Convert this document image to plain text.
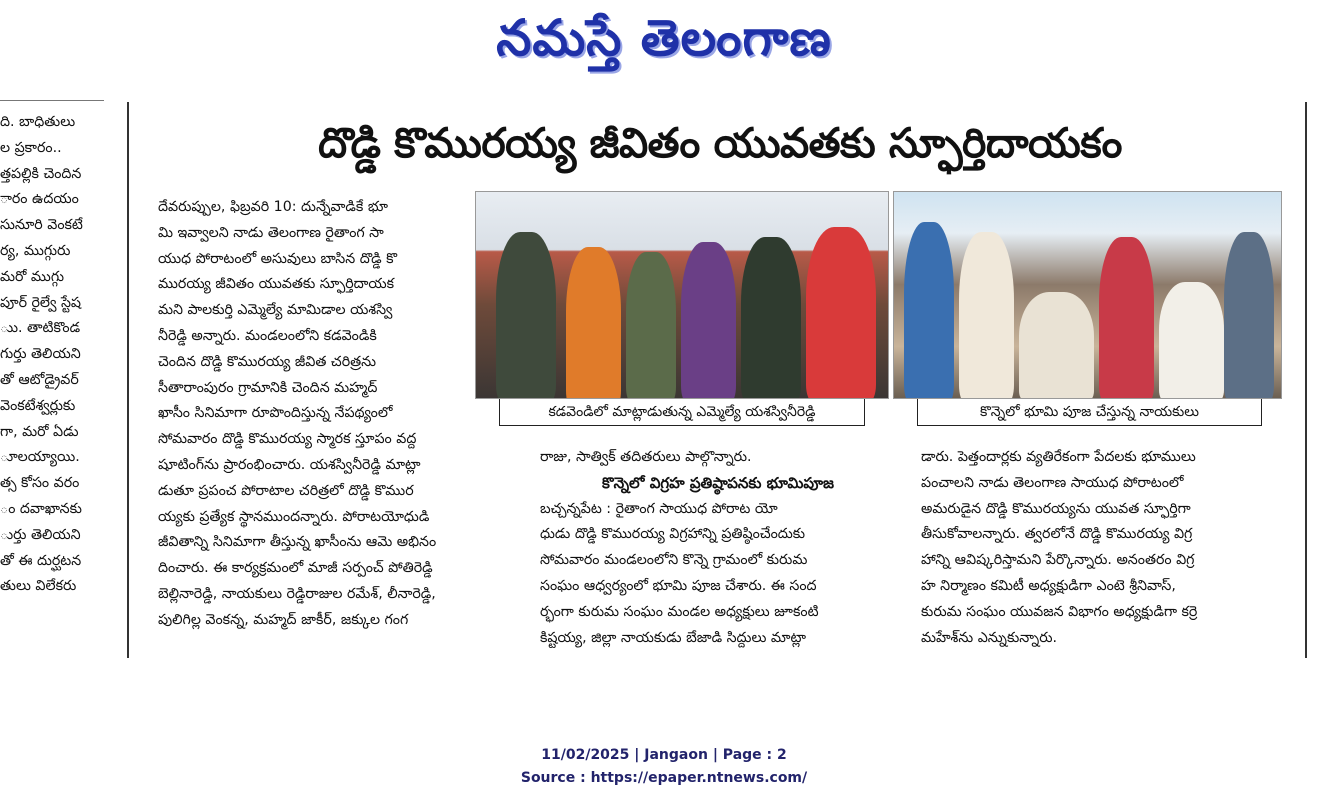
నమస్తే తెలంగాణ

ది. బాధితులు

ల ప్రకారం..

త్తపల్లికి చెందిన

ారం ఉదయం

సునూరి వెంకటే

ర్య, ముగ్గురు

మరో ముగ్గు

పూర్ రైల్వే స్టేష

ుు. తాటికొండ

గుర్తు తెలియని

తో ఆటోడ్రైవర్

వెంకటేశ్వర్లుకు

గా, మరో ఏడు

ూలయ్యాయి.

త్స కోసం వరం

ం దవాఖానకు

ుర్తు తెలియని

తో ఈ దుర్ఘటన

తులు విలేకరు

దొడ్డి కొమురయ్య జీవితం యువతకు స్ఫూర్తిదాయకం

దేవరుప్పుల, ఫిబ్రవరి 10: దున్నేవాడికే భూ

మి ఇవ్వాలని నాడు తెలంగాణ రైతాంగ సా

యుధ పోరాటంలో అసువులు బాసిన దొడ్డి కొ

మురయ్య జీవితం యువతకు స్ఫూర్తిదాయక

మని పాలకుర్తి ఎమ్మెల్యే మామిడాల యశస్వి

నీరెడ్డి అన్నారు. మండలంలోని కడవెండికి

చెందిన దొడ్డి కొమురయ్య జీవిత చరిత్రను

సీతారాంపురం గ్రామానికి చెందిన మహ్మద్

ఖాసీం సినిమాగా రూపొందిస్తున్న నేపథ్యంలో

సోమవారం దొడ్డి కొమురయ్య స్మారక స్తూపం వద్ద

షూటింగ్‌ను ప్రారంభించారు. యశస్వినీరెడ్డి మాట్లా

డుతూ ప్రపంచ పోరాటాల చరిత్రలో దొడ్డి కొముర

య్యకు ప్రత్యేక స్థానముందన్నారు. పోరాటయోధుడి

జీవితాన్ని సినిమాగా తీస్తున్న ఖాసీంను ఆమె అభినం

దించారు. ఈ కార్యక్రమంలో మాజీ సర్పంచ్ పోతిరెడ్డి

బెల్లినారెడ్డి, నాయకులు రెడ్డిరాజుల రమేశ్, లీనారెడ్డి,

పులిగిల్ల వెంకన్న, మహ్మద్ జాకీర్, జక్కుల గంగ

కడవెండిలో మాట్లాడుతున్న ఎమ్మెల్యే యశస్వినీరెడ్డి	కొన్నెలో భూమి పూజ చేస్తున్న నాయకులు

రాజు, సాత్విక్ తదితరులు పాల్గొన్నారు.

కొన్నెలో విగ్రహ ప్రతిష్ఠాపనకు భూమిపూజ

బచ్చన్నపేట : రైతాంగ సాయుధ పోరాట యో

ధుడు దొడ్డి కొమురయ్య విగ్రహాన్ని ప్రతిష్ఠించేందుకు

సోమవారం మండలంలోని కొన్నె గ్రామంలో కురుమ

సంఘం ఆధ్వర్యంలో భూమి పూజ చేశారు. ఈ సంద

ర్భంగా కురుమ సంఘం మండల అధ్యక్షులు జూకంటి

కిష్టయ్య, జిల్లా నాయకుడు బేజాడి సిద్దులు మాట్లా

డారు. పెత్తందార్లకు వ్యతిరేకంగా పేదలకు భూములు

పంచాలని నాడు తెలంగాణ సాయుధ పోరాటంలో

అమరుడైన దొడ్డి కొమురయ్యను యువత స్ఫూర్తిగా

తీసుకోవాలన్నారు. త్వరలోనే దొడ్డి కొమురయ్య విగ్ర

హాన్ని ఆవిష్కరిస్తామని పేర్కొన్నారు. అనంతరం విగ్ర

హ నిర్మాణం కమిటీ అధ్యక్షుడిగా ఎంటె శ్రీనివాస్,

కురుమ సంఘం యువజన విభాగం అధ్యక్షుడిగా కర్రె

మహేశ్‌ను ఎన్నుకున్నారు.

11/02/2025 | Jangaon | Page : 2
Source : https://epaper.ntnews.com/
